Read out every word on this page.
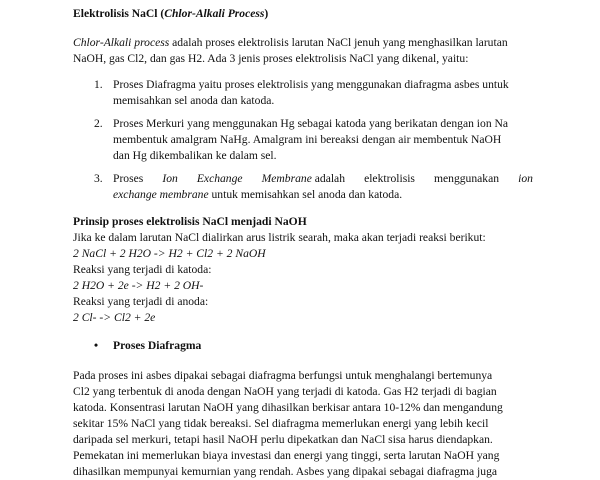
Elektrolisis NaCl (Chlor-Alkali Process)
Chlor-Alkali process adalah proses elektrolisis larutan NaCl jenuh yang menghasilkan larutan
NaOH, gas Cl2, dan gas H2. Ada 3 jenis proses elektrolisis NaCl yang dikenal, yaitu:
1. Proses Diafragma yaitu proses elektrolisis yang menggunakan diafragma asbes untuk
memisahkan sel anoda dan katoda.
2. Proses Merkuri yang menggunakan Hg sebagai katoda yang berikatan dengan ion Na
membentuk amalgram NaHg. Amalgram ini bereaksi dengan air membentuk NaOH
dan Hg dikembalikan ke dalam sel.
3. Proses Ion Exchange Membrane adalah elektrolisis menggunakan ion
exchange membrane untuk memisahkan sel anoda dan katoda.
Prinsip proses elektrolisis NaCl menjadi NaOH
Jika ke dalam larutan NaCl dialirkan arus listrik searah, maka akan terjadi reaksi berikut:
2 NaCl + 2 H2O -> H2 + Cl2 + 2 NaOH
Reaksi yang terjadi di katoda:
2 H2O + 2e -> H2 + 2 OH-
Reaksi yang terjadi di anoda:
2 Cl- -> Cl2 + 2e
• Proses Diafragma
Pada proses ini asbes dipakai sebagai diafragma berfungsi untuk menghalangi bertemunya
Cl2 yang terbentuk di anoda dengan NaOH yang terjadi di katoda. Gas H2 terjadi di bagian
katoda. Konsentrasi larutan NaOH yang dihasilkan berkisar antara 10-12% dan mengandung
sekitar 15% NaCl yang tidak bereaksi. Sel diafragma memerlukan energi yang lebih kecil
daripada sel merkuri, tetapi hasil NaOH perlu dipekatkan dan NaCl sisa harus diendapkan.
Pemekatan ini memerlukan biaya investasi dan energi yang tinggi, serta larutan NaOH yang
dihasilkan mempunyai kemurnian yang rendah. Asbes yang dipakai sebagai diafragma juga
